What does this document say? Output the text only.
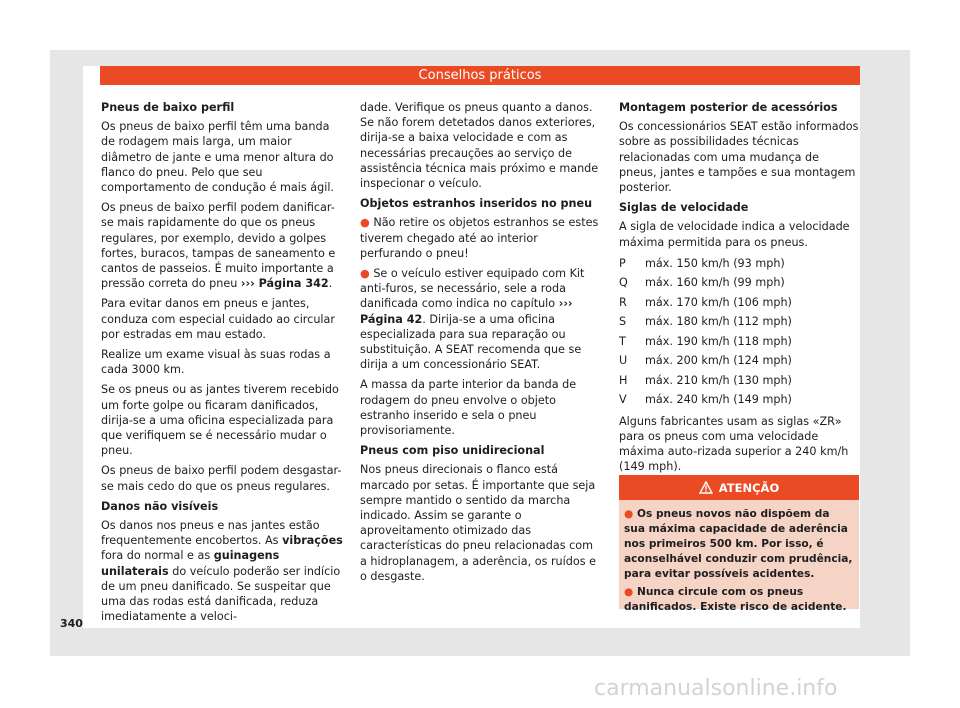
Conselhos práticos
Pneus de baixo perfil

Os pneus de baixo perfil têm uma banda de rodagem mais larga, um maior diâmetro de jante e uma menor altura do flanco do pneu. Pelo que seu comportamento de condução é mais ágil.

Os pneus de baixo perfil podem danificar-se mais rapidamente do que os pneus regulares, por exemplo, devido a golpes fortes, buracos, tampas de saneamento e cantos de passeios. É muito importante a pressão correta do pneu ››› Página 342.

Para evitar danos em pneus e jantes, conduza com especial cuidado ao circular por estradas em mau estado.

Realize um exame visual às suas rodas a cada 3000 km.

Se os pneus ou as jantes tiverem recebido um forte golpe ou ficaram danificados, dirija-se a uma oficina especializada para que verifiquem se é necessário mudar o pneu.

Os pneus de baixo perfil podem desgastar-se mais cedo do que os pneus regulares.

Danos não visíveis

Os danos nos pneus e nas jantes estão frequentemente encobertos. As vibrações fora do normal e as guinagens unilaterais do veículo poderão ser indício de um pneu danificado. Se suspeitar que uma das rodas está danificada, reduza imediatamente a veloci-

dade. Verifique os pneus quanto a danos. Se não forem detetados danos exteriores, dirija-se a baixa velocidade e com as necessárias precauções ao serviço de assistência técnica mais próximo e mande inspecionar o veículo.

Objetos estranhos inseridos no pneu

● Não retire os objetos estranhos se estes tiverem chegado até ao interior perfurando o pneu!

● Se o veículo estiver equipado com Kit anti-furos, se necessário, sele a roda danificada como indica no capítulo ››› Página 42. Dirija-se a uma oficina especializada para sua reparação ou substituição. A SEAT recomenda que se dirija a um concessionário SEAT.

A massa da parte interior da banda de rodagem do pneu envolve o objeto estranho inserido e sela o pneu provisoriamente.

Pneus com piso unidirecional

Nos pneus direcionais o flanco está marcado por setas. É importante que seja sempre mantido o sentido da marcha indicado. Assim se garante o aproveitamento otimizado das características do pneu relacionadas com a hidroplanagem, a aderência, os ruídos e o desgaste.

Montagem posterior de acessórios

Os concessionários SEAT estão informados sobre as possibilidades técnicas relacionadas com uma mudança de pneus, jantes e tampões e sua montagem posterior.

Siglas de velocidade

A sigla de velocidade indica a velocidade máxima permitida para os pneus.

P	máx. 150 km/h (93 mph)
Q	máx. 160 km/h (99 mph)
R	máx. 170 km/h (106 mph)
S	máx. 180 km/h (112 mph)
T	máx. 190 km/h (118 mph)
U	máx. 200 km/h (124 mph)
H	máx. 210 km/h (130 mph)
V	máx. 240 km/h (149 mph)

Alguns fabricantes usam as siglas «ZR» para os pneus com uma velocidade máxima auto-rizada superior a 240 km/h (149 mph).

ATENÇÃO

● Os pneus novos não dispõem da sua máxima capacidade de aderência nos primeiros 500 km. Por isso, é aconselhável conduzir com prudência, para evitar possíveis acidentes.

● Nunca circule com os pneus danificados. Existe risco de acidente.

340
carmanualsonline.info
